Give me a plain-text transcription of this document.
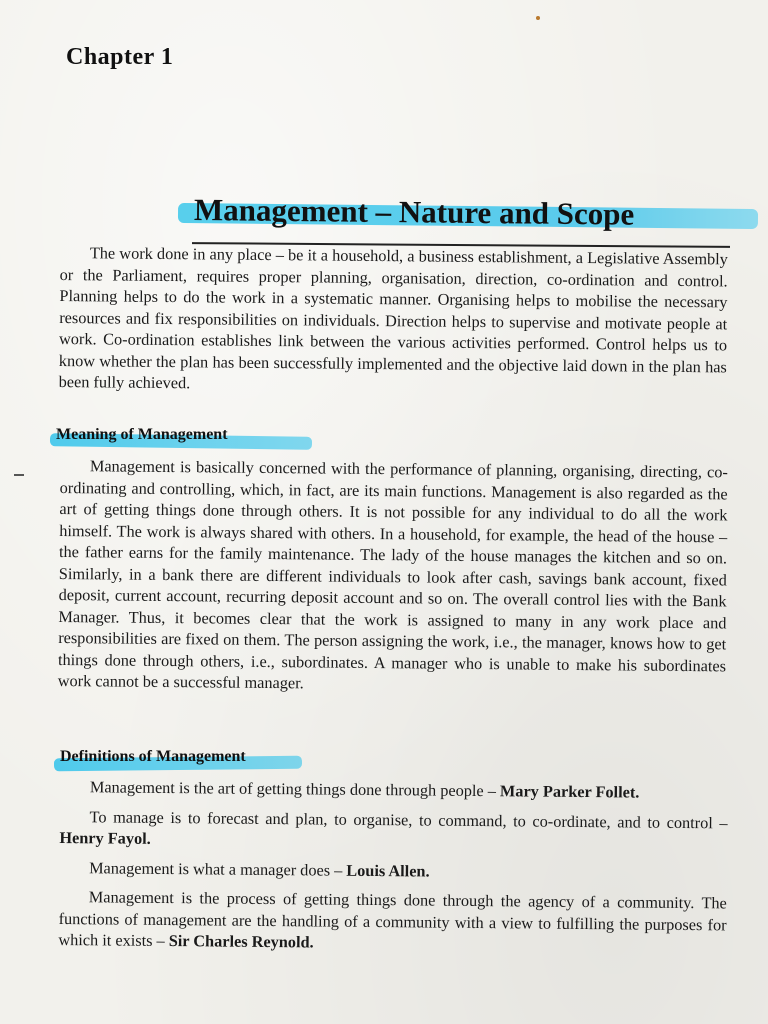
Chapter 1
Management – Nature and Scope

The work done in any place – be it a household, a business establishment, a Legislative Assembly or the Parliament, requires proper planning, organisation, direction, co-ordination and control. Planning helps to do the work in a systematic manner. Organising helps to mobilise the necessary resources and fix responsibilities on individuals. Direction helps to supervise and motivate people at work. Co-ordination establishes link between the various activities performed. Control helps us to know whether the plan has been successfully implemented and the objective laid down in the plan has been fully achieved.

Meaning of Management

Management is basically concerned with the performance of planning, organising, directing, co-ordinating and controlling, which, in fact, are its main functions. Management is also regarded as the art of getting things done through others. It is not possible for any individual to do all the work himself. The work is always shared with others. In a household, for example, the head of the house – the father earns for the family maintenance. The lady of the house manages the kitchen and so on. Similarly, in a bank there are different individuals to look after cash, savings bank account, fixed deposit, current account, recurring deposit account and so on. The overall control lies with the Bank Manager. Thus, it becomes clear that the work is assigned to many in any work place and responsibilities are fixed on them. The person assigning the work, i.e., the manager, knows how to get things done through others, i.e., subordinates. A manager who is unable to make his subordinates work cannot be a successful manager.

Definitions of Management

Management is the art of getting things done through people – Mary Parker Follet.

To manage is to forecast and plan, to organise, to command, to co-ordinate, and to control – Henry Fayol.

Management is what a manager does – Louis Allen.

Management is the process of getting things done through the agency of a community. The functions of management are the handling of a community with a view to fulfilling the purposes for which it exists – Sir Charles Reynold.
